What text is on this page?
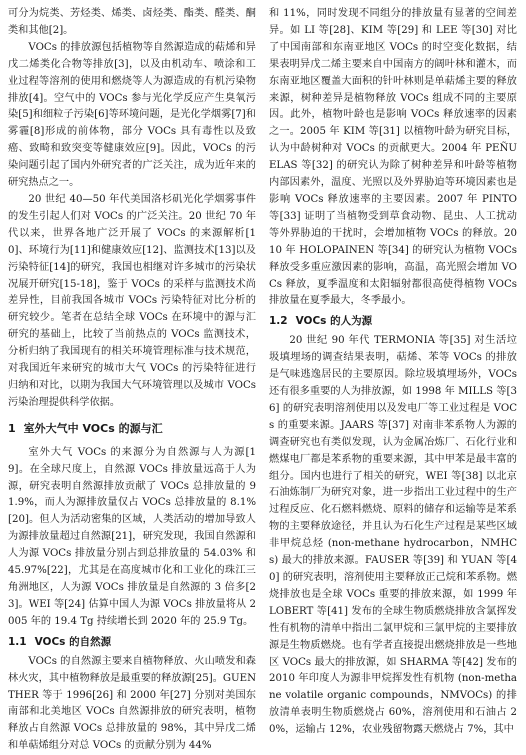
可分为烷类、芳烃类、烯类、卤烃类、酯类、醛类、酮类和其他[2]。

VOCs 的排放源包括植物等自然源造成的萜烯和异戊二烯类化合物等排放[3]，以及由机动车、喷涂和工业过程等溶剂的使用和燃烧等人为源造成的有机污染物排放[4]。空气中的 VOCs 参与光化学反应产生臭氧污染[5]和细粒子污染[6]等环境问题，是光化学烟雾[7]和雾霾[8]形成的前体物，部分 VOCs 具有毒性以及致癌、致畸和致突变等健康效应[9]。因此，VOCs 的污染问题引起了国内外研究者的广泛关注，成为近年来的研究热点之一。

20 世纪 40—50 年代美国洛杉矶光化学烟雾事件的发生引起人们对 VOCs 的广泛关注。20 世纪 70 年代以来，世界各地广泛开展了 VOCs 的来源解析[10]、环境行为[11]和健康效应[12]、监测技术[13]以及污染特征[14]的研究，我国也相继对许多城市的污染状况展开研究[15-18]，鉴于 VOCs 的采样与监测技术尚差异性，目前我国各城市 VOCs 污染特征对比分析的研究较少。笔者在总结全球 VOCs 在环境中的源与汇研究的基础上，比较了当前热点的 VOCs 监测技术，分析归纳了我国现有的相关环境管理标准与技术规范，对我国近年来研究的城市大气 VOCs 的污染特征进行归纳和对比，以期为我国大气环境管理以及城市 VOCs 污染治理提供科学依据。

1 室外大气中 VOCs 的源与汇

室外大气 VOCs 的来源分为自然源与人为源[19]。在全球尺度上，自然源 VOCs 排放量远高于人为源，研究表明自然源排放贡献了 VOCs 总排放量的 91.9%，而人为源排放量仅占 VOCs 总排放量的 8.1%[20]。但人为活动密集的区域，人类活动的增加导致人为源排放量超过自然源[21]，研究发现，我国自然源和人为源 VOCs 排放量分别占到总排放量的 54.03% 和 45.97%[22]，尤其是在高度城市化和工业化的珠江三角洲地区，人为源 VOCs 排放量是自然源的 3 倍多[23]。WEI 等[24] 估算中国人为源 VOCs 排放量将从 2005 年的 19.4 Tg 持续增长到 2020 年的 25.9 Tg。

1.1 VOCs 的自然源

VOCs 的自然源主要来自植物释放、火山喷发和森林火灾，其中植物释放是最重要的释放源[25]。GUENTHER 等于 1996[26] 和 2000 年[27] 分别对美国东南部和北美地区 VOCs 自然源排放的研究表明，植物释放占自然源 VOCs 总排放量的 98%，其中异戊二烯和单萜烯组分对总 VOCs 的贡献分别为 44%

和 11%，同时发现不同组分的排放量有显著的空间差异。如 LI 等[28]、KIM 等[29] 和 LEE 等[30] 对比了中国南部和东南亚地区 VOCs 的时空变化数据，结果表明异戊二烯主要来自中国南方的阔叶林和灌木，而东南亚地区覆盖大面积的针叶林则是单萜烯主要的释放来源，树种差异是植物释放 VOCs 组成不同的主要原因。此外，植物叶龄也是影响 VOCs 释放速率的因素之一。2005 年 KIM 等[31] 以植物叶龄为研究目标，认为中龄树种对 VOCs 的贡献更大。2004 年 PEÑUELAS 等[32] 的研究认为除了树种差异和叶龄等植物内部因素外，温度、光照以及外界胁迫等环境因素也是影响 VOCs 释放速率的主要因素。2007 年 PINTO 等[33] 证明了当植物受到草食动物、昆虫、人工扰动等外界胁迫的干扰时，会增加植物 VOCs 的释放。2010 年 HOLOPAINEN 等[34] 的研究认为植物 VOCs 释放受多重应激因素的影响，高温，高光照会增加 VOCs 释放，夏季温度和太阳辐射都很高使得植物 VOCs 排放量在夏季最大，冬季最小。

1.2 VOCs 的人为源

20 世纪 90 年代 TERMONIA 等[35] 对生活垃圾填埋场的调查结果表明，萜烯、苯等 VOCs 的排放是气味逃逸居民的主要原因。除垃圾填埋场外，VOCs 还有很多重要的人为排放源，如 1998 年 MILLS 等[36] 的研究表明溶剂使用以及发电厂等工业过程是 VOCs 的重要来源。JAARS 等[37] 对南非苯系物人为源的调查研究也有类似发现，认为金属冶炼厂、石化行业和燃煤电厂都是苯系物的重要来源，其中甲苯是最丰富的组分。国内也进行了相关的研究，WEI 等[38] 以北京石油炼制厂为研究对象，进一步指出工业过程中的生产过程反应、化石燃料燃烧、原料的储存和运输等是苯系物的主要释放途径，并且认为石化生产过程是某些区域非甲烷总烃 (non-methane hydrocarbon，NMHCs) 最大的排放来源。FAUSER 等[39] 和 YUAN 等[40] 的研究表明，溶剂使用主要释放正己烷和苯系物。燃烧排放也是全球 VOCs 重要的排放来源，如 1999 年 LOBERT 等[41] 发布的全球生物质燃烧排放含氯挥发性有机物的清单中指出二氯甲烷和三氯甲烷的主要排放源是生物质燃烧。也有学者直接提出燃烧排放是一些地区 VOCs 最大的排放源，如 SHARMA 等[42] 发布的 2010 年印度人为源非甲烷挥发性有机物 (non-methane volatile organic compounds，NMVOCs) 的排放清单表明生物质燃烧占 60%，溶剂使用和石油占 20%，运输占 12%，农业残留物露天燃烧占 7%，其中
